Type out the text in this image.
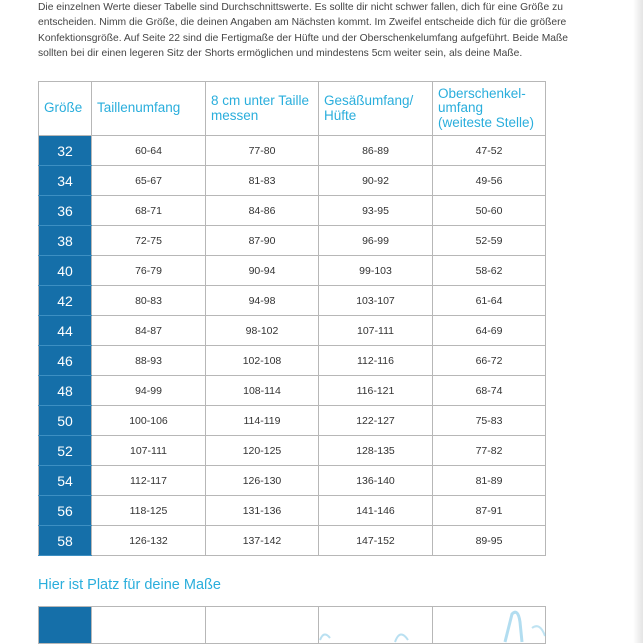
Die einzelnen Werte dieser Tabelle sind Durchschnittswerte. Es sollte dir nicht schwer fallen, dich für eine Größe zu entscheiden. Nimm die Größe, die deinen Angaben am Nächsten kommt. Im Zweifel entscheide dich für die größere Konfektionsgröße. Auf Seite 22 sind die Fertigmaße der Hüfte und der Oberschenkelumfang aufgeführt. Beide Maße sollten bei dir einen legeren Sitz der Shorts ermöglichen und mindestens 5cm weiter sein, als deine Maße.
Größe	Taillenumfang	8 cm unter Taille messen	Gesäßumfang/ Hüfte	Oberschenkel-umfang (weiteste Stelle)
32	60-64	77-80	86-89	47-52
34	65-67	81-83	90-92	49-56
36	68-71	84-86	93-95	50-60
38	72-75	87-90	96-99	52-59
40	76-79	90-94	99-103	58-62
42	80-83	94-98	103-107	61-64
44	84-87	98-102	107-111	64-69
46	88-93	102-108	112-116	66-72
48	94-99	108-114	116-121	68-74
50	100-106	114-119	122-127	75-83
52	107-111	120-125	128-135	77-82
54	112-117	126-130	136-140	81-89
56	118-125	131-136	141-146	87-91
58	126-132	137-142	147-152	89-95
Hier ist Platz für deine Maße
